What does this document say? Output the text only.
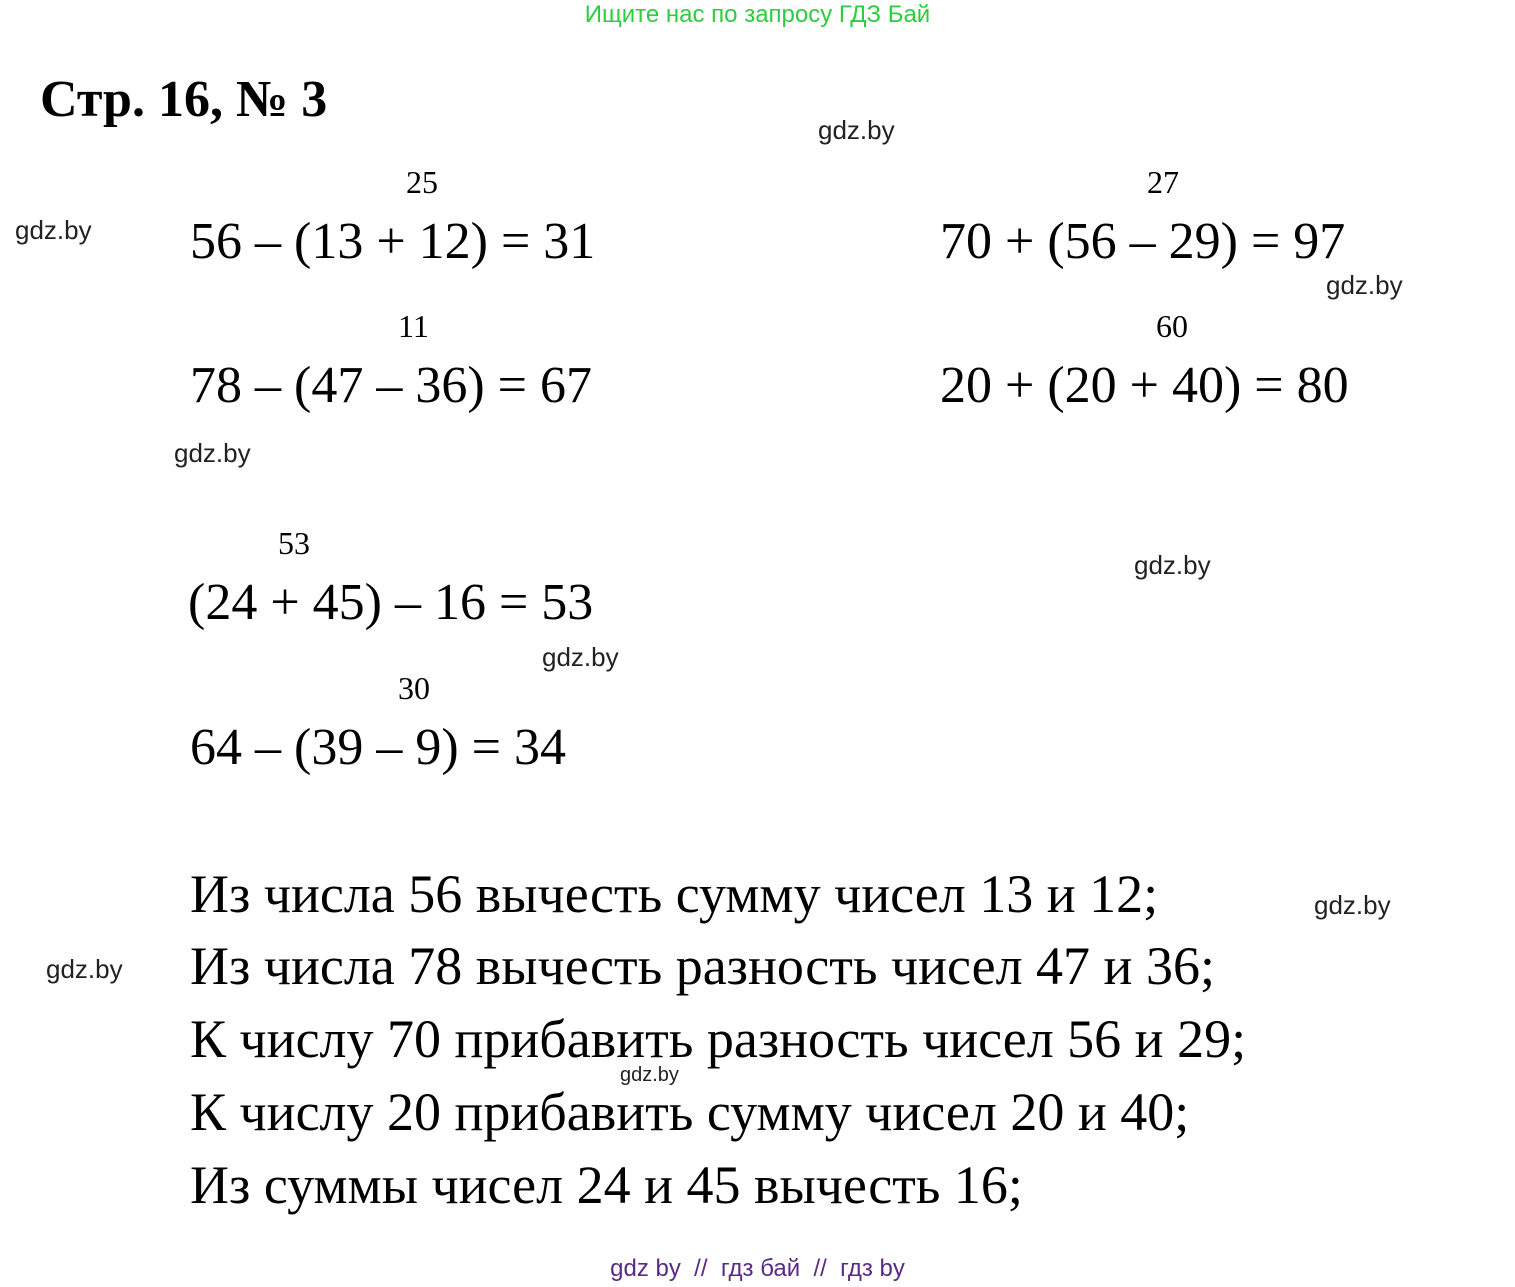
Ищите нас по запросу ГДЗ Бай
Стр. 16, № 3
gdz.by
gdz.by
gdz.by
gdz.by
gdz.by
gdz.by
gdz.by
gdz.by
gdz.by
25
56 – (13 + 12) = 31
27
70 + (56 – 29) = 97
11
78 – (47 – 36) = 67
60
20 + (20 + 40) = 80
53
(24 + 45) – 16 = 53
30
64 – (39 – 9) = 34
Из числа 56 вычесть сумму чисел 13 и 12;
Из числа 78 вычесть разность чисел 47 и 36;
К числу 70 прибавить разность чисел 56 и 29;
К числу 20 прибавить сумму чисел 20 и 40;
Из суммы чисел 24 и 45 вычесть 16;
gdz by  //  гдз бай  //  гдз by
